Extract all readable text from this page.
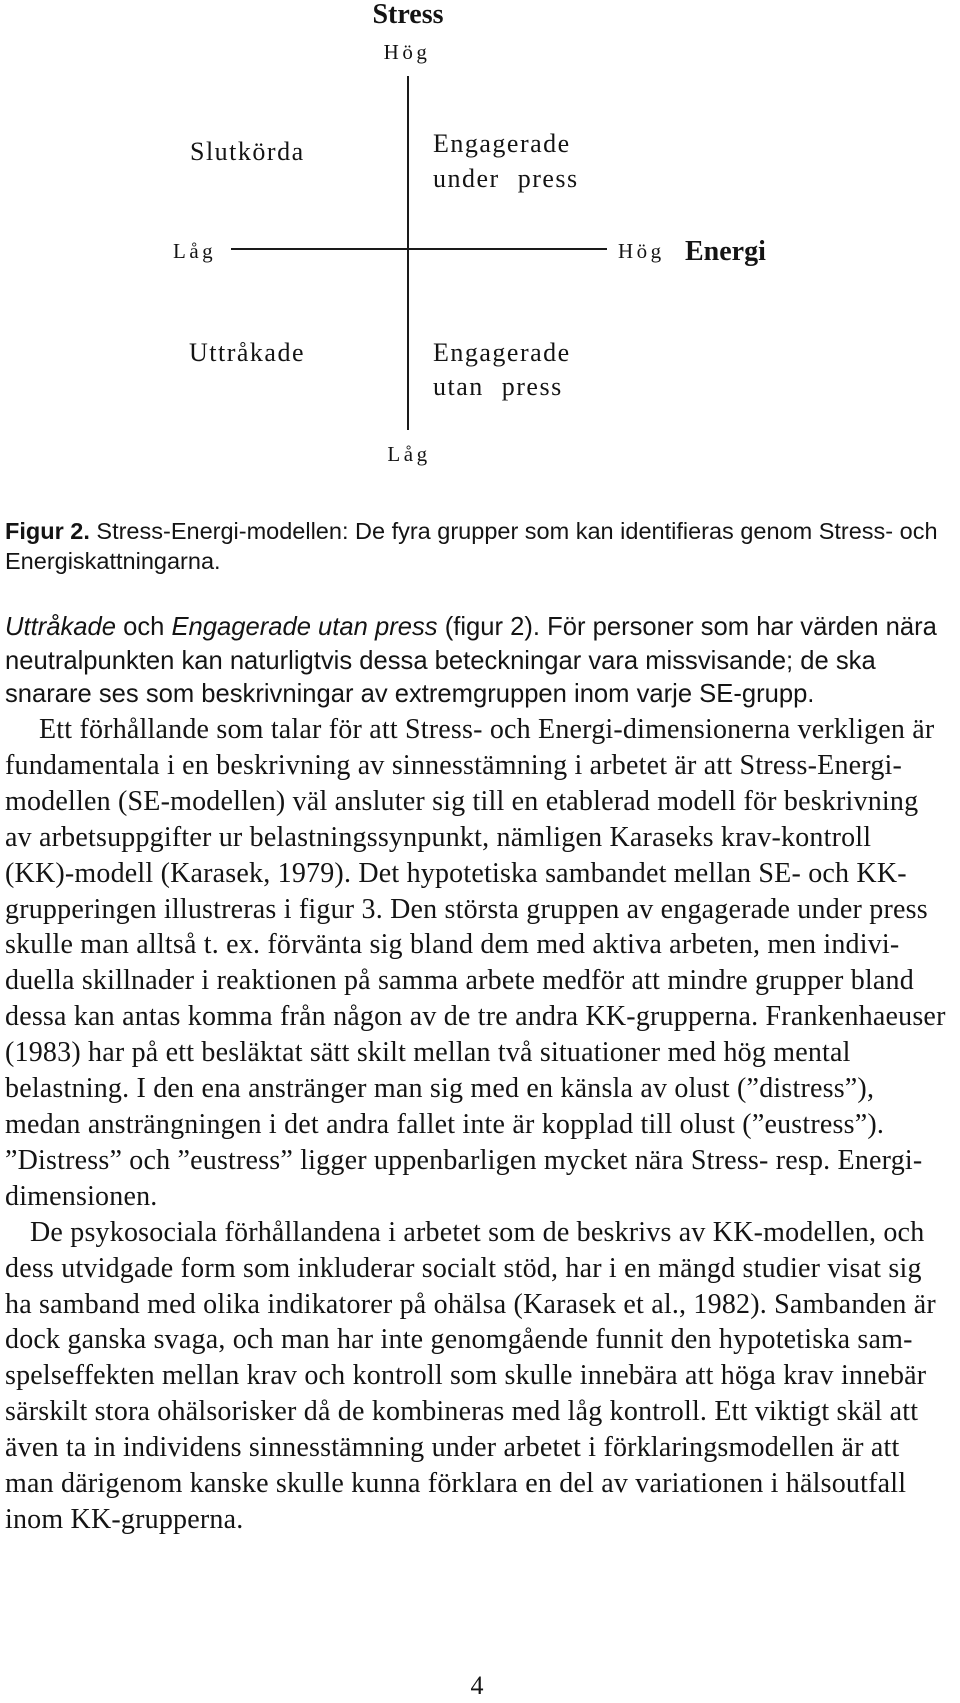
Stress
Hög
Låg	Hög Energi
Slutkörda	Engagerade
under press
Uttråkade	Engagerade
utan press
Låg
Figur 2. Stress-Energi-modellen: De fyra grupper som kan identifieras genom Stress- och
Energiskattningarna.
Uttråkade och Engagerade utan press (figur 2). För personer som har värden nära
neutralpunkten kan naturligtvis dessa beteckningar vara missvisande; de ska
snarare ses som beskrivningar av extremgruppen inom varje SE-grupp.
Ett förhållande som talar för att Stress- och Energi-dimensionerna verkligen är
fundamentala i en beskrivning av sinnesstämning i arbetet är att Stress-Energi-
modellen (SE-modellen) väl ansluter sig till en etablerad modell för beskrivning
av arbetsuppgifter ur belastningssynpunkt, nämligen Karaseks krav-kontroll
(KK)-modell (Karasek, 1979). Det hypotetiska sambandet mellan SE- och KK-
grupperingen illustreras i figur 3. Den största gruppen av engagerade under press
skulle man alltså t. ex. förvänta sig bland dem med aktiva arbeten, men indivi-
duella skillnader i reaktionen på samma arbete medför att mindre grupper bland
dessa kan antas komma från någon av de tre andra KK-grupperna. Frankenhaeuser
(1983) har på ett besläktat sätt skilt mellan två situationer med hög mental
belastning. I den ena anstränger man sig med en känsla av olust (”distress”),
medan ansträngningen i det andra fallet inte är kopplad till olust (”eustress”).
”Distress” och ”eustress” ligger uppenbarligen mycket nära Stress- resp. Energi-
dimensionen.
De psykosociala förhållandena i arbetet som de beskrivs av KK-modellen, och
dess utvidgade form som inkluderar socialt stöd, har i en mängd studier visat sig
ha samband med olika indikatorer på ohälsa (Karasek et al., 1982). Sambanden är
dock ganska svaga, och man har inte genomgående funnit den hypotetiska sam-
spelseffekten mellan krav och kontroll som skulle innebära att höga krav innebär
särskilt stora ohälsorisker då de kombineras med låg kontroll. Ett viktigt skäl att
även ta in individens sinnesstämning under arbetet i förklaringsmodellen är att
man därigenom kanske skulle kunna förklara en del av variationen i hälsoutfall
inom KK-grupperna.
4
